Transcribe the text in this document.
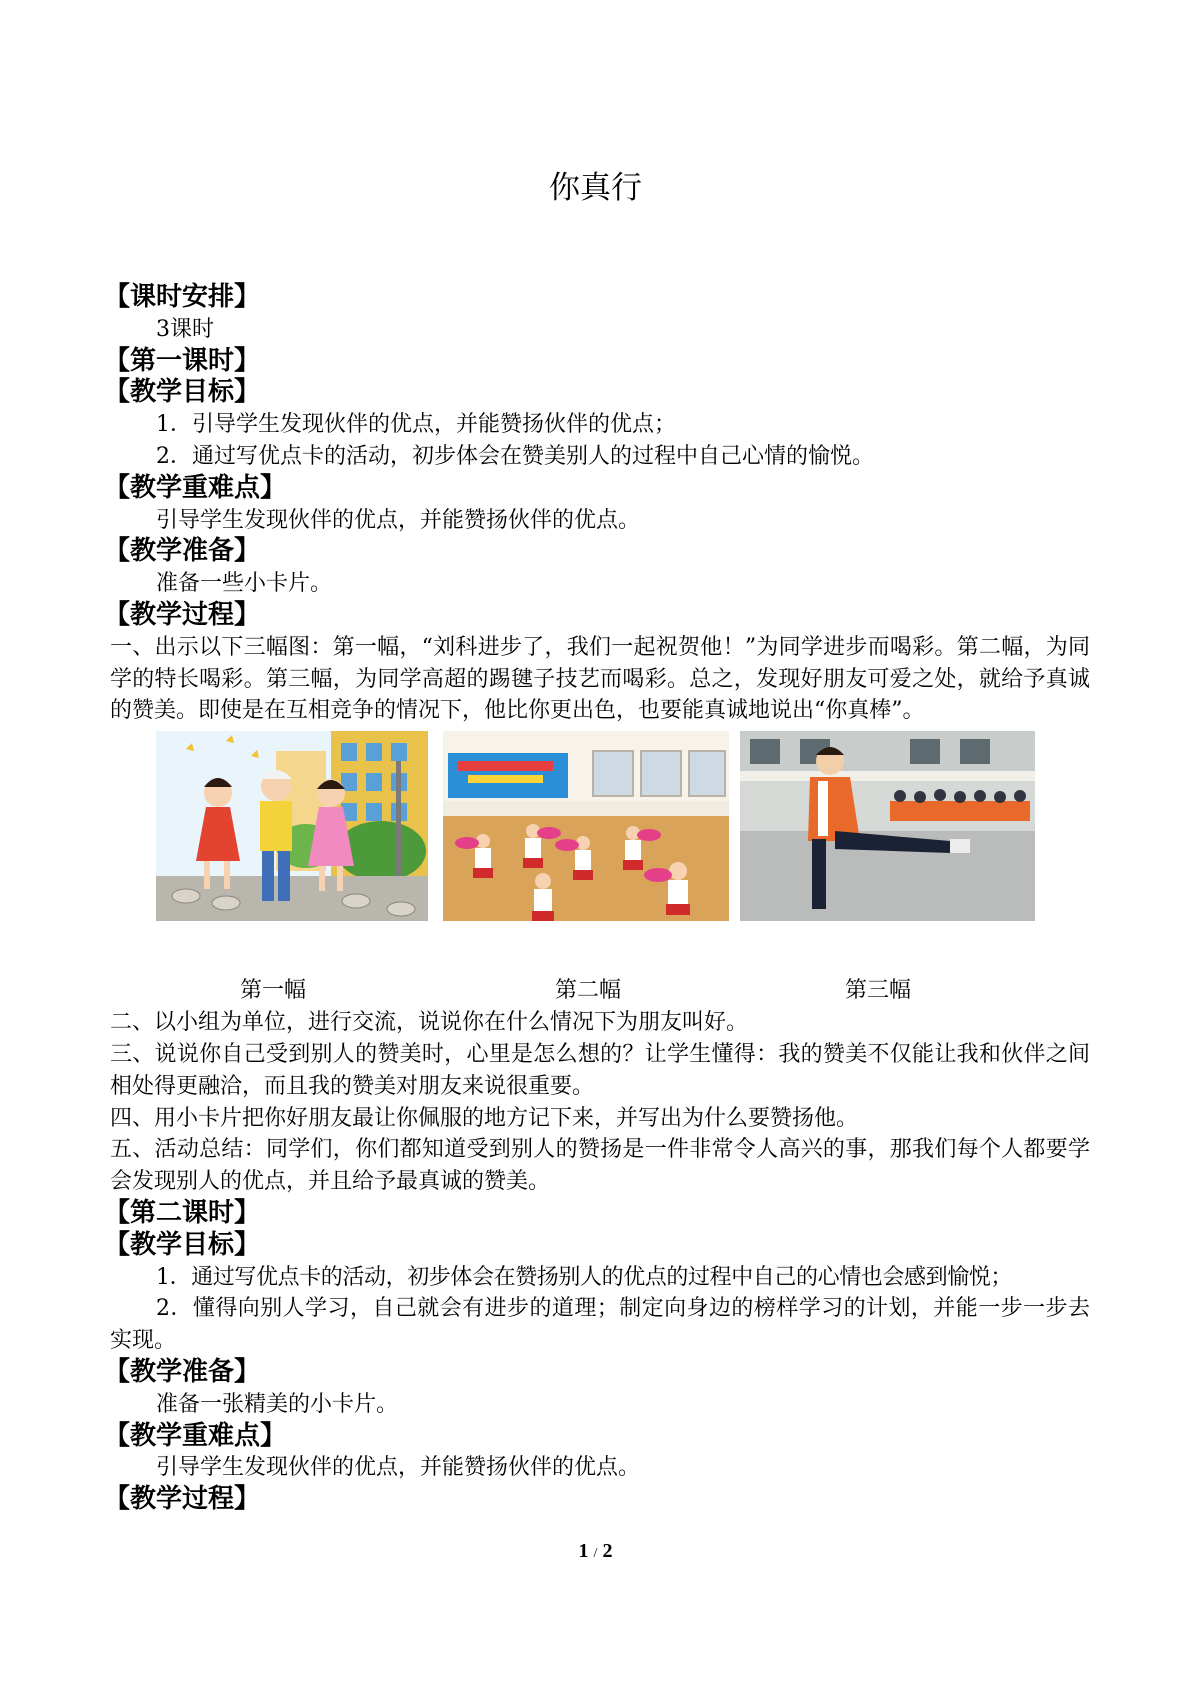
你真行
【课时安排】
3课时
【第一课时】
【教学目标】
1．引导学生发现伙伴的优点，并能赞扬伙伴的优点；
2．通过写优点卡的活动，初步体会在赞美别人的过程中自己心情的愉悦。
【教学重难点】
引导学生发现伙伴的优点，并能赞扬伙伴的优点。
【教学准备】
准备一些小卡片。
【教学过程】
一、出示以下三幅图：第一幅，“刘科进步了，我们一起祝贺他！”为同学进步而喝彩。第二幅，为同学的特长喝彩。第三幅，为同学高超的踢毽子技艺而喝彩。总之，发现好朋友可爱之处，就给予真诚的赞美。即使是在互相竞争的情况下，他比你更出色，也要能真诚地说出“你真棒”。
第一幅	第二幅	第三幅
二、以小组为单位，进行交流，说说你在什么情况下为朋友叫好。
三、说说你自己受到别人的赞美时，心里是怎么想的？让学生懂得：我的赞美不仅能让我和伙伴之间相处得更融洽，而且我的赞美对朋友来说很重要。
四、用小卡片把你好朋友最让你佩服的地方记下来，并写出为什么要赞扬他。
五、活动总结：同学们，你们都知道受到别人的赞扬是一件非常令人高兴的事，那我们每个人都要学会发现别人的优点，并且给予最真诚的赞美。
【第二课时】
【教学目标】
1．通过写优点卡的活动，初步体会在赞扬别人的优点的过程中自己的心情也会感到愉悦；
2．懂得向别人学习，自己就会有进步的道理；制定向身边的榜样学习的计划，并能一步一步去实现。
【教学准备】
准备一张精美的小卡片。
【教学重难点】
引导学生发现伙伴的优点，并能赞扬伙伴的优点。
【教学过程】
1 / 2
